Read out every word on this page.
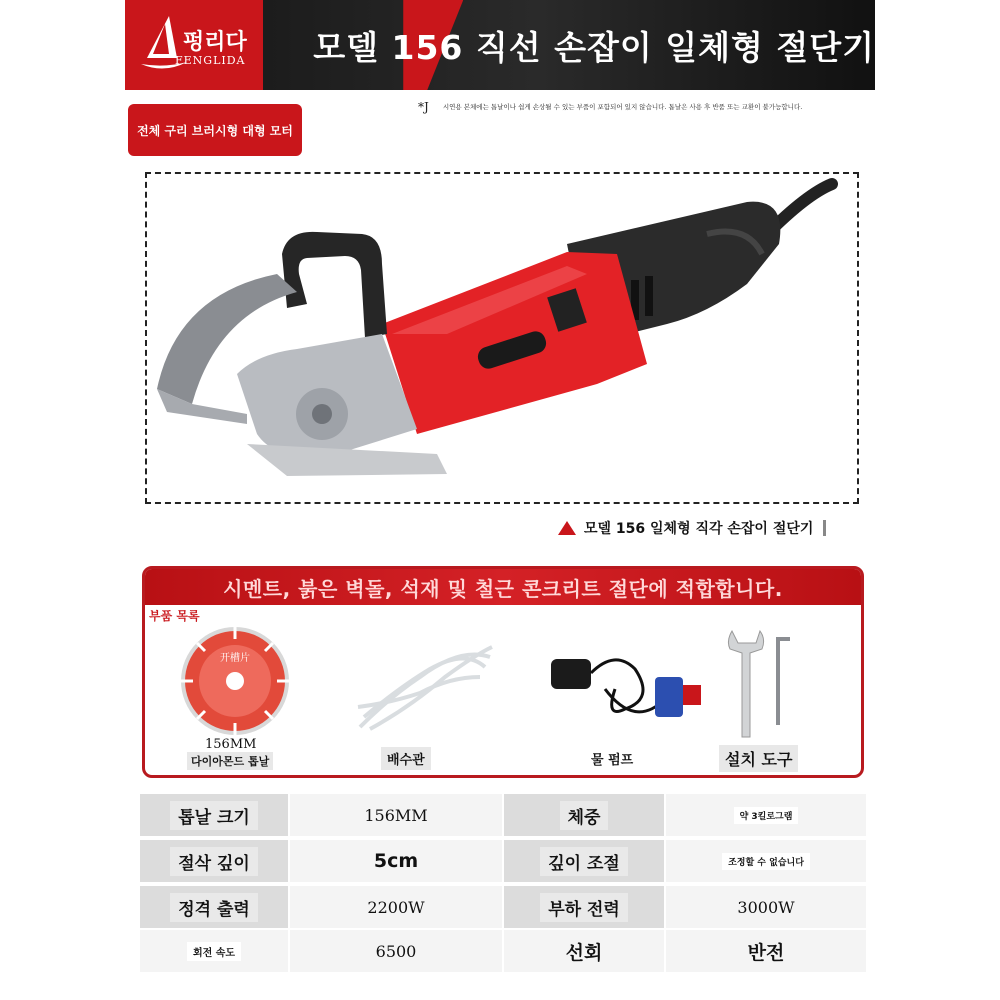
펑리다
FENGLIDA 모델 156 직선 손잡이 일체형 절단기
전체 구리 브러시형 대형 모터
*J 시연용 본체에는 톱날이나 쉽게 손상될 수 있는 부품이 포함되어 있지 않습니다. 톱날은 사용 후 반품 또는 교환이 불가능합니다.
모델 156 일체형 직각 손잡이 절단기
시멘트, 붉은 벽돌, 석재 및 철근 콘크리트 절단에 적합합니다.
부품 목록
开槽片
156MM
다이아몬드 톱날	배수관	물 펌프	설치 도구
톱날 크기	156MM	체중	약 3킬로그램
절삭 깊이	5cm	깊이 조절	조정할 수 없습니다
정격 출력	2200W	부하 전력	3000W
회전 속도	6500	선회	반전
